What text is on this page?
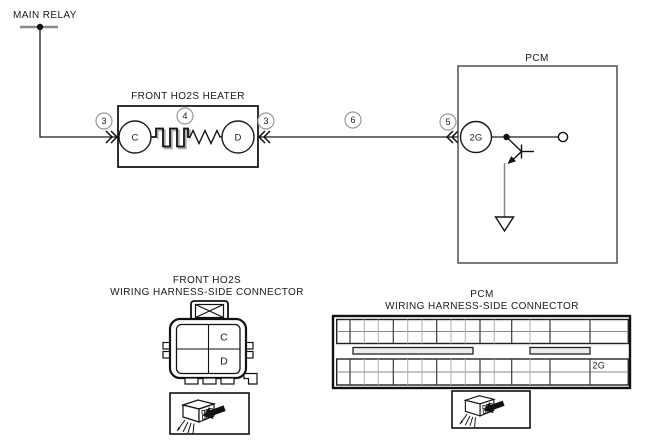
MAIN RELAY
FRONT HO2S HEATER
C	D
PCM
2G
3	4	3	6	5
FRONT HO2S
WIRING HARNESS-SIDE CONNECTOR
C
D
PCM
WIRING HARNESS-SIDE CONNECTOR
2G
